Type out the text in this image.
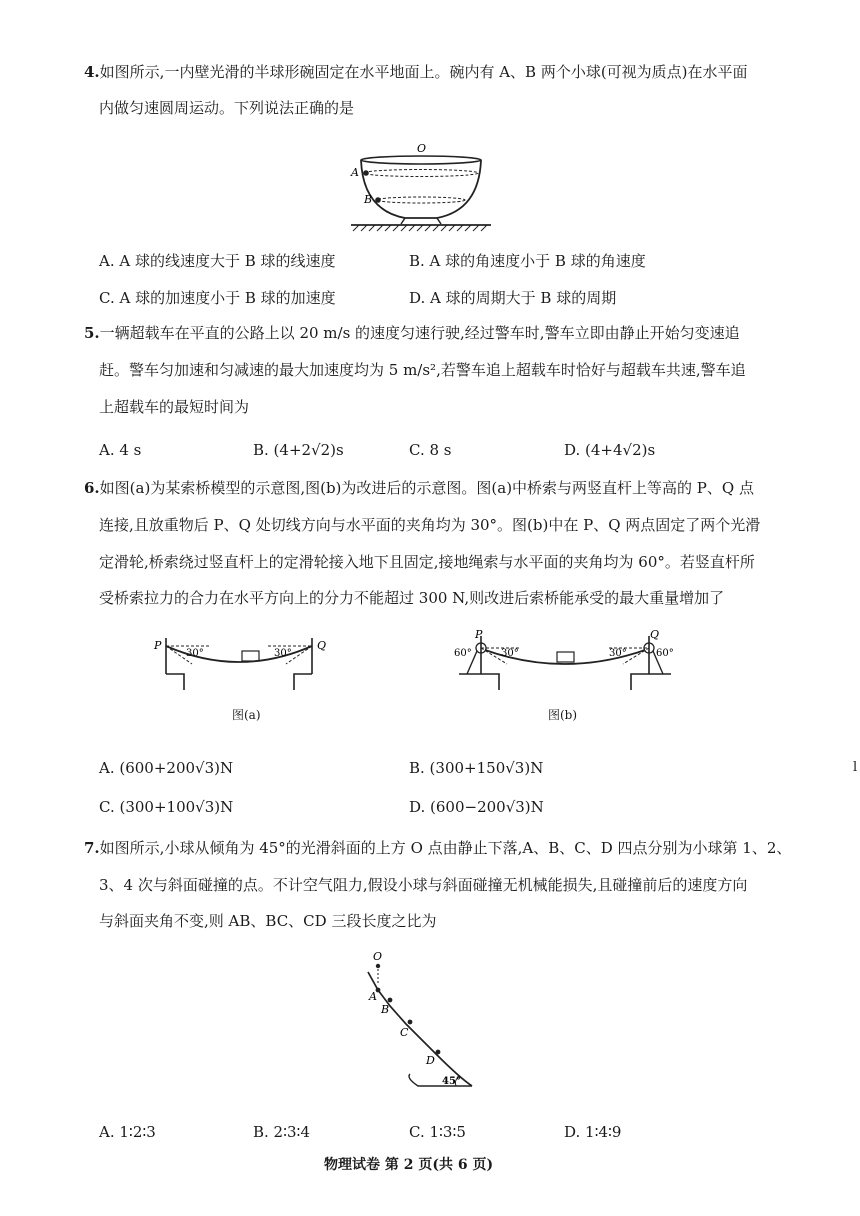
4.如图所示,一内壁光滑的半球形碗固定在水平地面上。碗内有 A、B 两个小球(可视为质点)在水平面
内做匀速圆周运动。下列说法正确的是
O
A
B
A. A 球的线速度大于 B 球的线速度	B. A 球的角速度小于 B 球的角速度
C. A 球的加速度小于 B 球的加速度	D. A 球的周期大于 B 球的周期
5.一辆超载车在平直的公路上以 20 m/s 的速度匀速行驶,经过警车时,警车立即由静止开始匀变速追
赶。警车匀加速和匀减速的最大加速度均为 5 m/s²,若警车追上超载车时恰好与超载车共速,警车追
上超载车的最短时间为
A. 4 s	B. (4+2√2)s	C. 8 s	D. (4+4√2)s
6.如图(a)为某索桥模型的示意图,图(b)为改进后的示意图。图(a)中桥索与两竖直杆上等高的 P、Q 点
连接,且放重物后 P、Q 处切线方向与水平面的夹角均为 30°。图(b)中在 P、Q 两点固定了两个光滑
定滑轮,桥索绕过竖直杆上的定滑轮接入地下且固定,接地绳索与水平面的夹角均为 60°。若竖直杆所
受桥索拉力的合力在水平方向上的分力不能超过 300 N,则改进后索桥能承受的最大重量增加了
P	Q
30°	30°
图(a)
P	Q
60°	30°	30°	60°
图(b)
A. (600+200√3)N	B. (300+150√3)N
C. (300+100√3)N	D. (600−200√3)N
l
7.如图所示,小球从倾角为 45°的光滑斜面的上方 O 点由静止下落,A、B、C、D 四点分别为小球第 1、2、
3、4 次与斜面碰撞的点。不计空气阻力,假设小球与斜面碰撞无机械能损失,且碰撞前后的速度方向
与斜面夹角不变,则 AB、BC、CD 三段长度之比为
O
A
B
C
D
45°
A. 1∶2∶3	B. 2∶3∶4	C. 1∶3∶5	D. 1∶4∶9
物理试卷 第 2 页(共 6 页)
